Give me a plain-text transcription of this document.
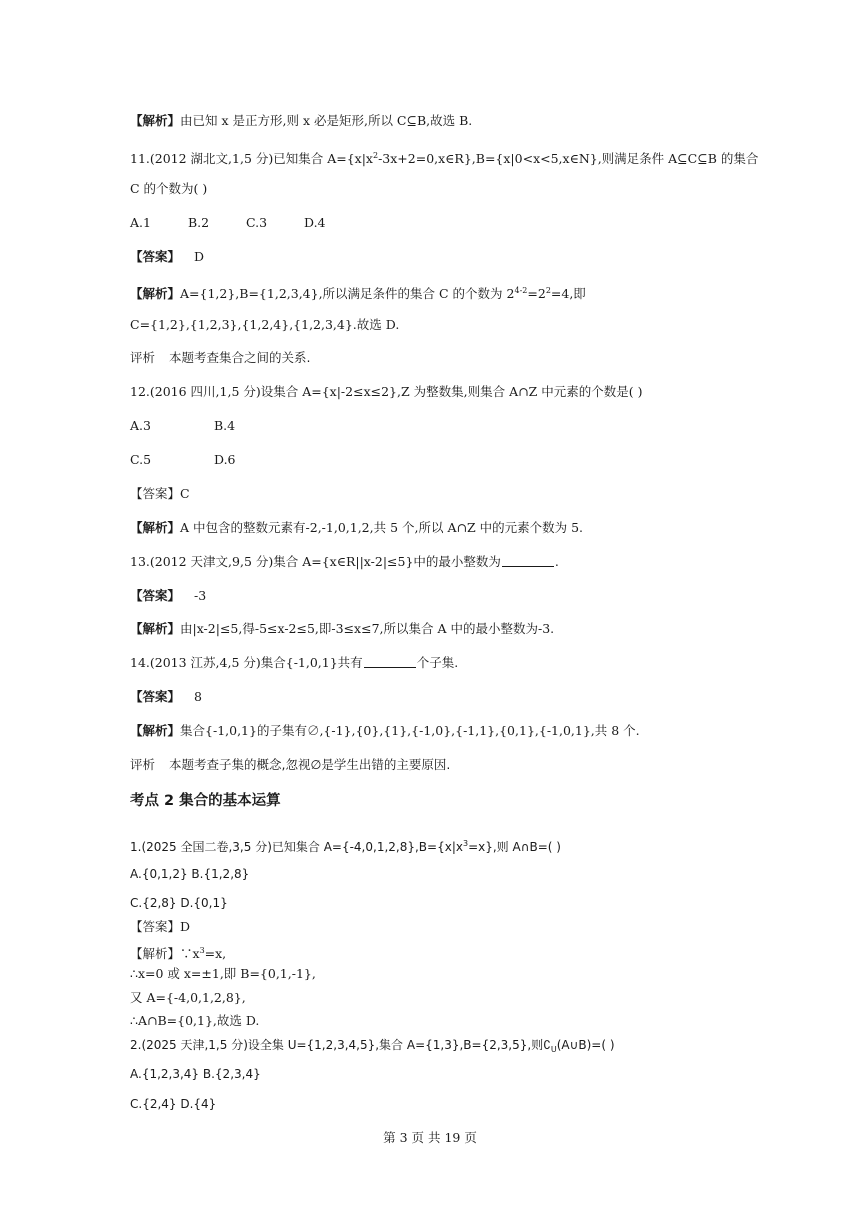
【解析】由已知 x 是正方形,则 x 必是矩形,所以 C⊆B,故选 B.
11.(2012 湖北文,1,5 分)已知集合 A={x|x2-3x+2=0,x∈R},B={x|0<x<5,x∈N},则满足条件 A⊆C⊆B 的集合
C 的个数为( )
A.1	B.2	C.3	D.4
【答案】 D
【解析】A={1,2},B={1,2,3,4},所以满足条件的集合 C 的个数为 24-2=22=4,即
C={1,2},{1,2,3},{1,2,4},{1,2,3,4}.故选 D.
评析 本题考查集合之间的关系.
12.(2016 四川,1,5 分)设集合 A={x|-2≤x≤2},Z 为整数集,则集合 A∩Z 中元素的个数是( )
A.3	B.4
C.5	D.6
【答案】C
【解析】A 中包含的整数元素有-2,-1,0,1,2,共 5 个,所以 A∩Z 中的元素个数为 5.
13.(2012 天津文,9,5 分)集合 A={x∈R||x-2|≤5}中的最小整数为	.
【答案】 -3
【解析】由|x-2|≤5,得-5≤x-2≤5,即-3≤x≤7,所以集合 A 中的最小整数为-3.
14.(2013 江苏,4,5 分)集合{-1,0,1}共有	个子集.
【答案】 8
【解析】集合{-1,0,1}的子集有∅,{-1},{0},{1},{-1,0},{-1,1},{0,1},{-1,0,1},共 8 个.
评析 本题考查子集的概念,忽视∅是学生出错的主要原因.
考点 2 集合的基本运算
1.(2025 全国二卷,3,5 分)已知集合 A={-4,0,1,2,8},B={x|x3=x},则 A∩B=( )
A.{0,1,2} B.{1,2,8}
C.{2,8} D.{0,1}
【答案】D
【解析】∵x3=x,
∴x=0 或 x=±1,即 B={0,1,-1},
又 A={-4,0,1,2,8},
∴A∩B={0,1},故选 D.
2.(2025 天津,1,5 分)设全集 U={1,2,3,4,5},集合 A={1,3},B={2,3,5},则∁U(A∪B)=( )
A.{1,2,3,4} B.{2,3,4}
C.{2,4} D.{4}
第 3 页 共 19 页
